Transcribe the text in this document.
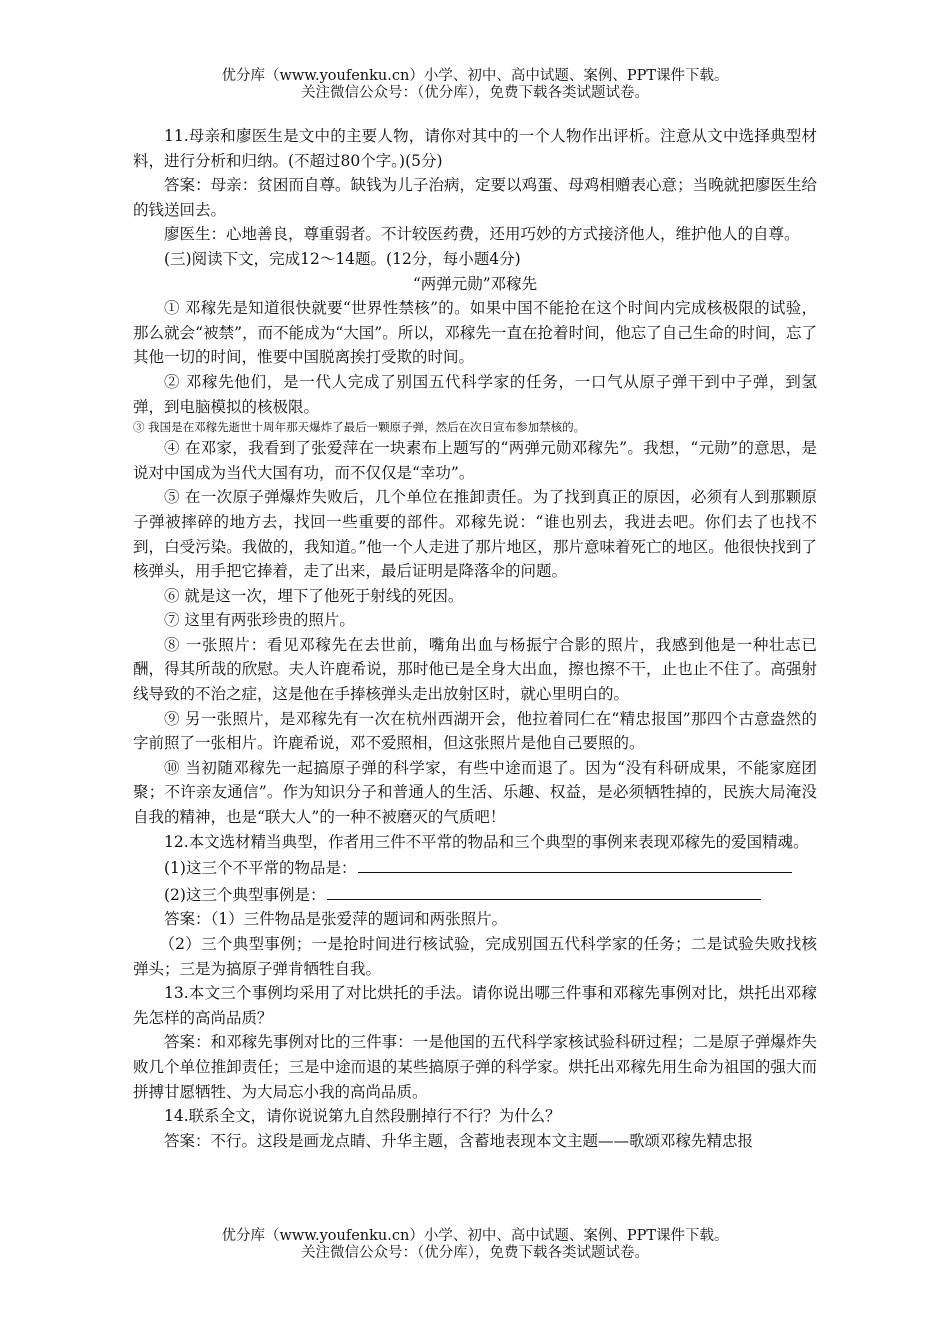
优分库（www.youfenku.cn）小学、初中、高中试题、案例、PPT课件下载。
关注微信公众号：（优分库），免费下载各类试题试卷。

11.母亲和廖医生是文中的主要人物，请你对其中的一个人物作出评析。注意从文中选择典型材料，进行分析和归纳。(不超过80个字。)(5分)

答案：母亲：贫困而自尊。缺钱为儿子治病，定要以鸡蛋、母鸡相赠表心意；当晚就把廖医生给的钱送回去。

廖医生：心地善良，尊重弱者。不计较医药费，还用巧妙的方式接济他人，维护他人的自尊。

(三)阅读下文，完成12～14题。(12分，每小题4分)

“两弹元勋”邓稼先

① 邓稼先是知道很快就要“世界性禁核”的。如果中国不能抢在这个时间内完成核极限的试验，那么就会“被禁”，而不能成为“大国”。所以，邓稼先一直在抢着时间，他忘了自己生命的时间，忘了其他一切的时间，惟要中国脱离挨打受欺的时间。

② 邓稼先他们，是一代人完成了别国五代科学家的任务，一口气从原子弹干到中子弹，到氢弹，到电脑模拟的核极限。

③ 我国是在邓稼先逝世十周年那天爆炸了最后一颗原子弹，然后在次日宣布参加禁核的。

④ 在邓家，我看到了张爱萍在一块素布上题写的“两弹元勋邓稼先”。我想，“元勋”的意思，是说对中国成为当代大国有功，而不仅仅是“幸功”。

⑤ 在一次原子弹爆炸失败后，几个单位在推卸责任。为了找到真正的原因，必须有人到那颗原子弹被摔碎的地方去，找回一些重要的部件。邓稼先说：“谁也别去，我进去吧。你们去了也找不到，白受污染。我做的，我知道。”他一个人走进了那片地区，那片意味着死亡的地区。他很快找到了核弹头，用手把它捧着，走了出来，最后证明是降落伞的问题。

⑥ 就是这一次，埋下了他死于射线的死因。

⑦ 这里有两张珍贵的照片。

⑧ 一张照片：看见邓稼先在去世前，嘴角出血与杨振宁合影的照片，我感到他是一种壮志已酬，得其所哉的欣慰。夫人许鹿希说，那时他已是全身大出血，擦也擦不干，止也止不住了。高强射线导致的不治之症，这是他在手捧核弹头走出放射区时，就心里明白的。

⑨ 另一张照片，是邓稼先有一次在杭州西湖开会，他拉着同仁在“精忠报国”那四个古意盎然的字前照了一张相片。许鹿希说，邓不爱照相，但这张照片是他自己要照的。

⑩ 当初随邓稼先一起搞原子弹的科学家，有些中途而退了。因为“没有科研成果，不能家庭团聚；不许亲友通信”。作为知识分子和普通人的生活、乐趣、权益，是必须牺牲掉的，民族大局淹没自我的精神，也是“联大人”的一种不被磨灭的气质吧！

12.本文选材精当典型，作者用三件不平常的物品和三个典型的事例来表现邓稼先的爱国精魂。

(1)这三个不平常的物品是：

(2)这三个典型事例是：

答案：（1）三件物品是张爱萍的题词和两张照片。

（2）三个典型事例；一是抢时间进行核试验，完成别国五代科学家的任务；二是试验失败找核弹头；三是为搞原子弹肯牺牲自我。

13.本文三个事例均采用了对比烘托的手法。请你说出哪三件事和邓稼先事例对比，烘托出邓稼先怎样的高尚品质？

答案：和邓稼先事例对比的三件事：一是他国的五代科学家核试验科研过程；二是原子弹爆炸失败几个单位推卸责任；三是中途而退的某些搞原子弹的科学家。烘托出邓稼先用生命为祖国的强大而拼搏甘愿牺牲、为大局忘小我的高尚品质。

14.联系全文，请你说说第九自然段删掉行不行？为什么？

答案：不行。这段是画龙点睛、升华主题，含蓄地表现本文主题——歌颂邓稼先精忠报

优分库（www.youfenku.cn）小学、初中、高中试题、案例、PPT课件下载。
关注微信公众号：（优分库），免费下载各类试题试卷。
